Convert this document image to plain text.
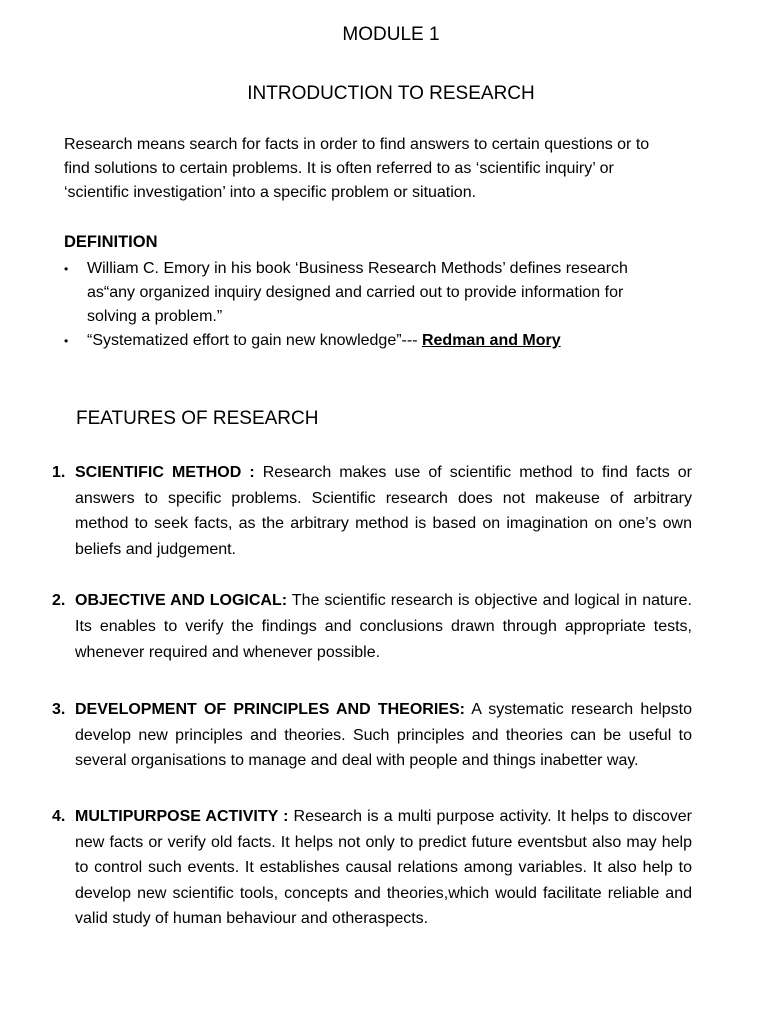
MODULE 1
INTRODUCTION TO RESEARCH
Research means search for facts in order to find answers to certain questions or to find solutions to certain problems. It is often referred to as ‘scientific inquiry’ or ‘scientific investigation’ into a specific problem or situation.
DEFINITION
• William C. Emory in his book ‘Business Research Methods’ defines research as“any organized inquiry designed and carried out to provide information for solving a problem.”
• “Systematized effort to gain new knowledge”--- Redman and Mory
FEATURES OF RESEARCH
1. SCIENTIFIC METHOD : Research makes use of scientific method to find facts or answers to specific problems. Scientific research does not makeuse of arbitrary method to seek facts, as the arbitrary method is based on imagination on one’s own beliefs and judgement.
2. OBJECTIVE AND LOGICAL: The scientific research is objective and logical in nature. Its enables to verify the findings and conclusions drawn through appropriate tests, whenever required and whenever possible.
3. DEVELOPMENT OF PRINCIPLES AND THEORIES: A systematic research helpsto develop new principles and theories. Such principles and theories can be useful to several organisations to manage and deal with people and things inabetter way.
4. MULTIPURPOSE ACTIVITY : Research is a multi purpose activity. It helps to discover new facts or verify old facts. It helps not only to predict future eventsbut also may help to control such events. It establishes causal relations among variables. It also help to develop new scientific tools, concepts and theories,which would facilitate reliable and valid study of human behaviour and otheraspects.
